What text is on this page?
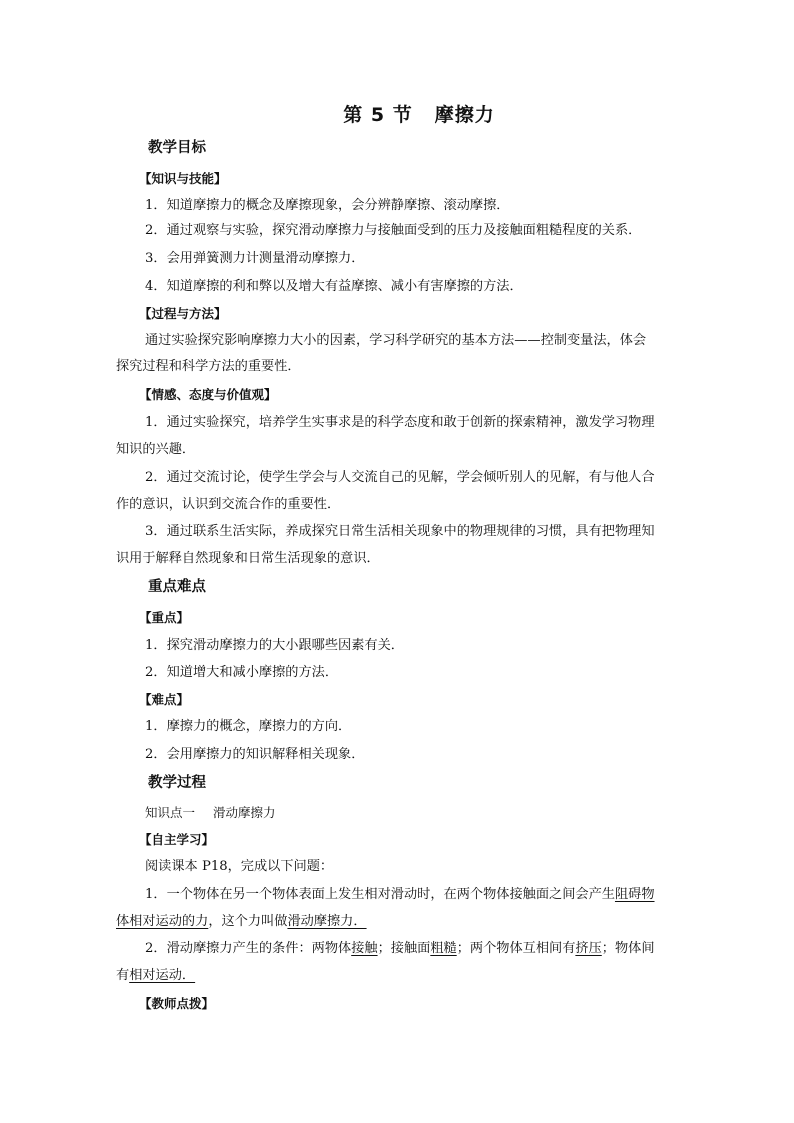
第 5 节 摩擦力
教学目标
【知识与技能】
1．知道摩擦力的概念及摩擦现象，会分辨静摩擦、滚动摩擦．
2．通过观察与实验，探究滑动摩擦力与接触面受到的压力及接触面粗糙程度的关系．
3．会用弹簧测力计测量滑动摩擦力．
4．知道摩擦的利和弊以及增大有益摩擦、减小有害摩擦的方法．
【过程与方法】
通过实验探究影响摩擦力大小的因素，学习科学研究的基本方法——控制变量法，体会
探究过程和科学方法的重要性．
【情感、态度与价值观】
1．通过实验探究，培养学生实事求是的科学态度和敢于创新的探索精神，激发学习物理
知识的兴趣．
2．通过交流讨论，使学生学会与人交流自己的见解，学会倾听别人的见解，有与他人合
作的意识，认识到交流合作的重要性．
3．通过联系生活实际，养成探究日常生活相关现象中的物理规律的习惯，具有把物理知
识用于解释自然现象和日常生活现象的意识．
重点难点
【重点】
1．探究滑动摩擦力的大小跟哪些因素有关．
2．知道增大和减小摩擦的方法．
【难点】
1．摩擦力的概念，摩擦力的方向．
2．会用摩擦力的知识解释相关现象．
教学过程
知识点一 滑动摩擦力
【自主学习】
阅读课本 P18，完成以下问题：
1．一个物体在另一个物体表面上发生相对滑动时，在两个物体接触面之间会产生阻碍物
体相对运动的力，这个力叫做滑动摩擦力．
2．滑动摩擦力产生的条件：两物体接触；接触面粗糙；两个物体互相间有挤压；物体间
有相对运动．
【教师点拨】
